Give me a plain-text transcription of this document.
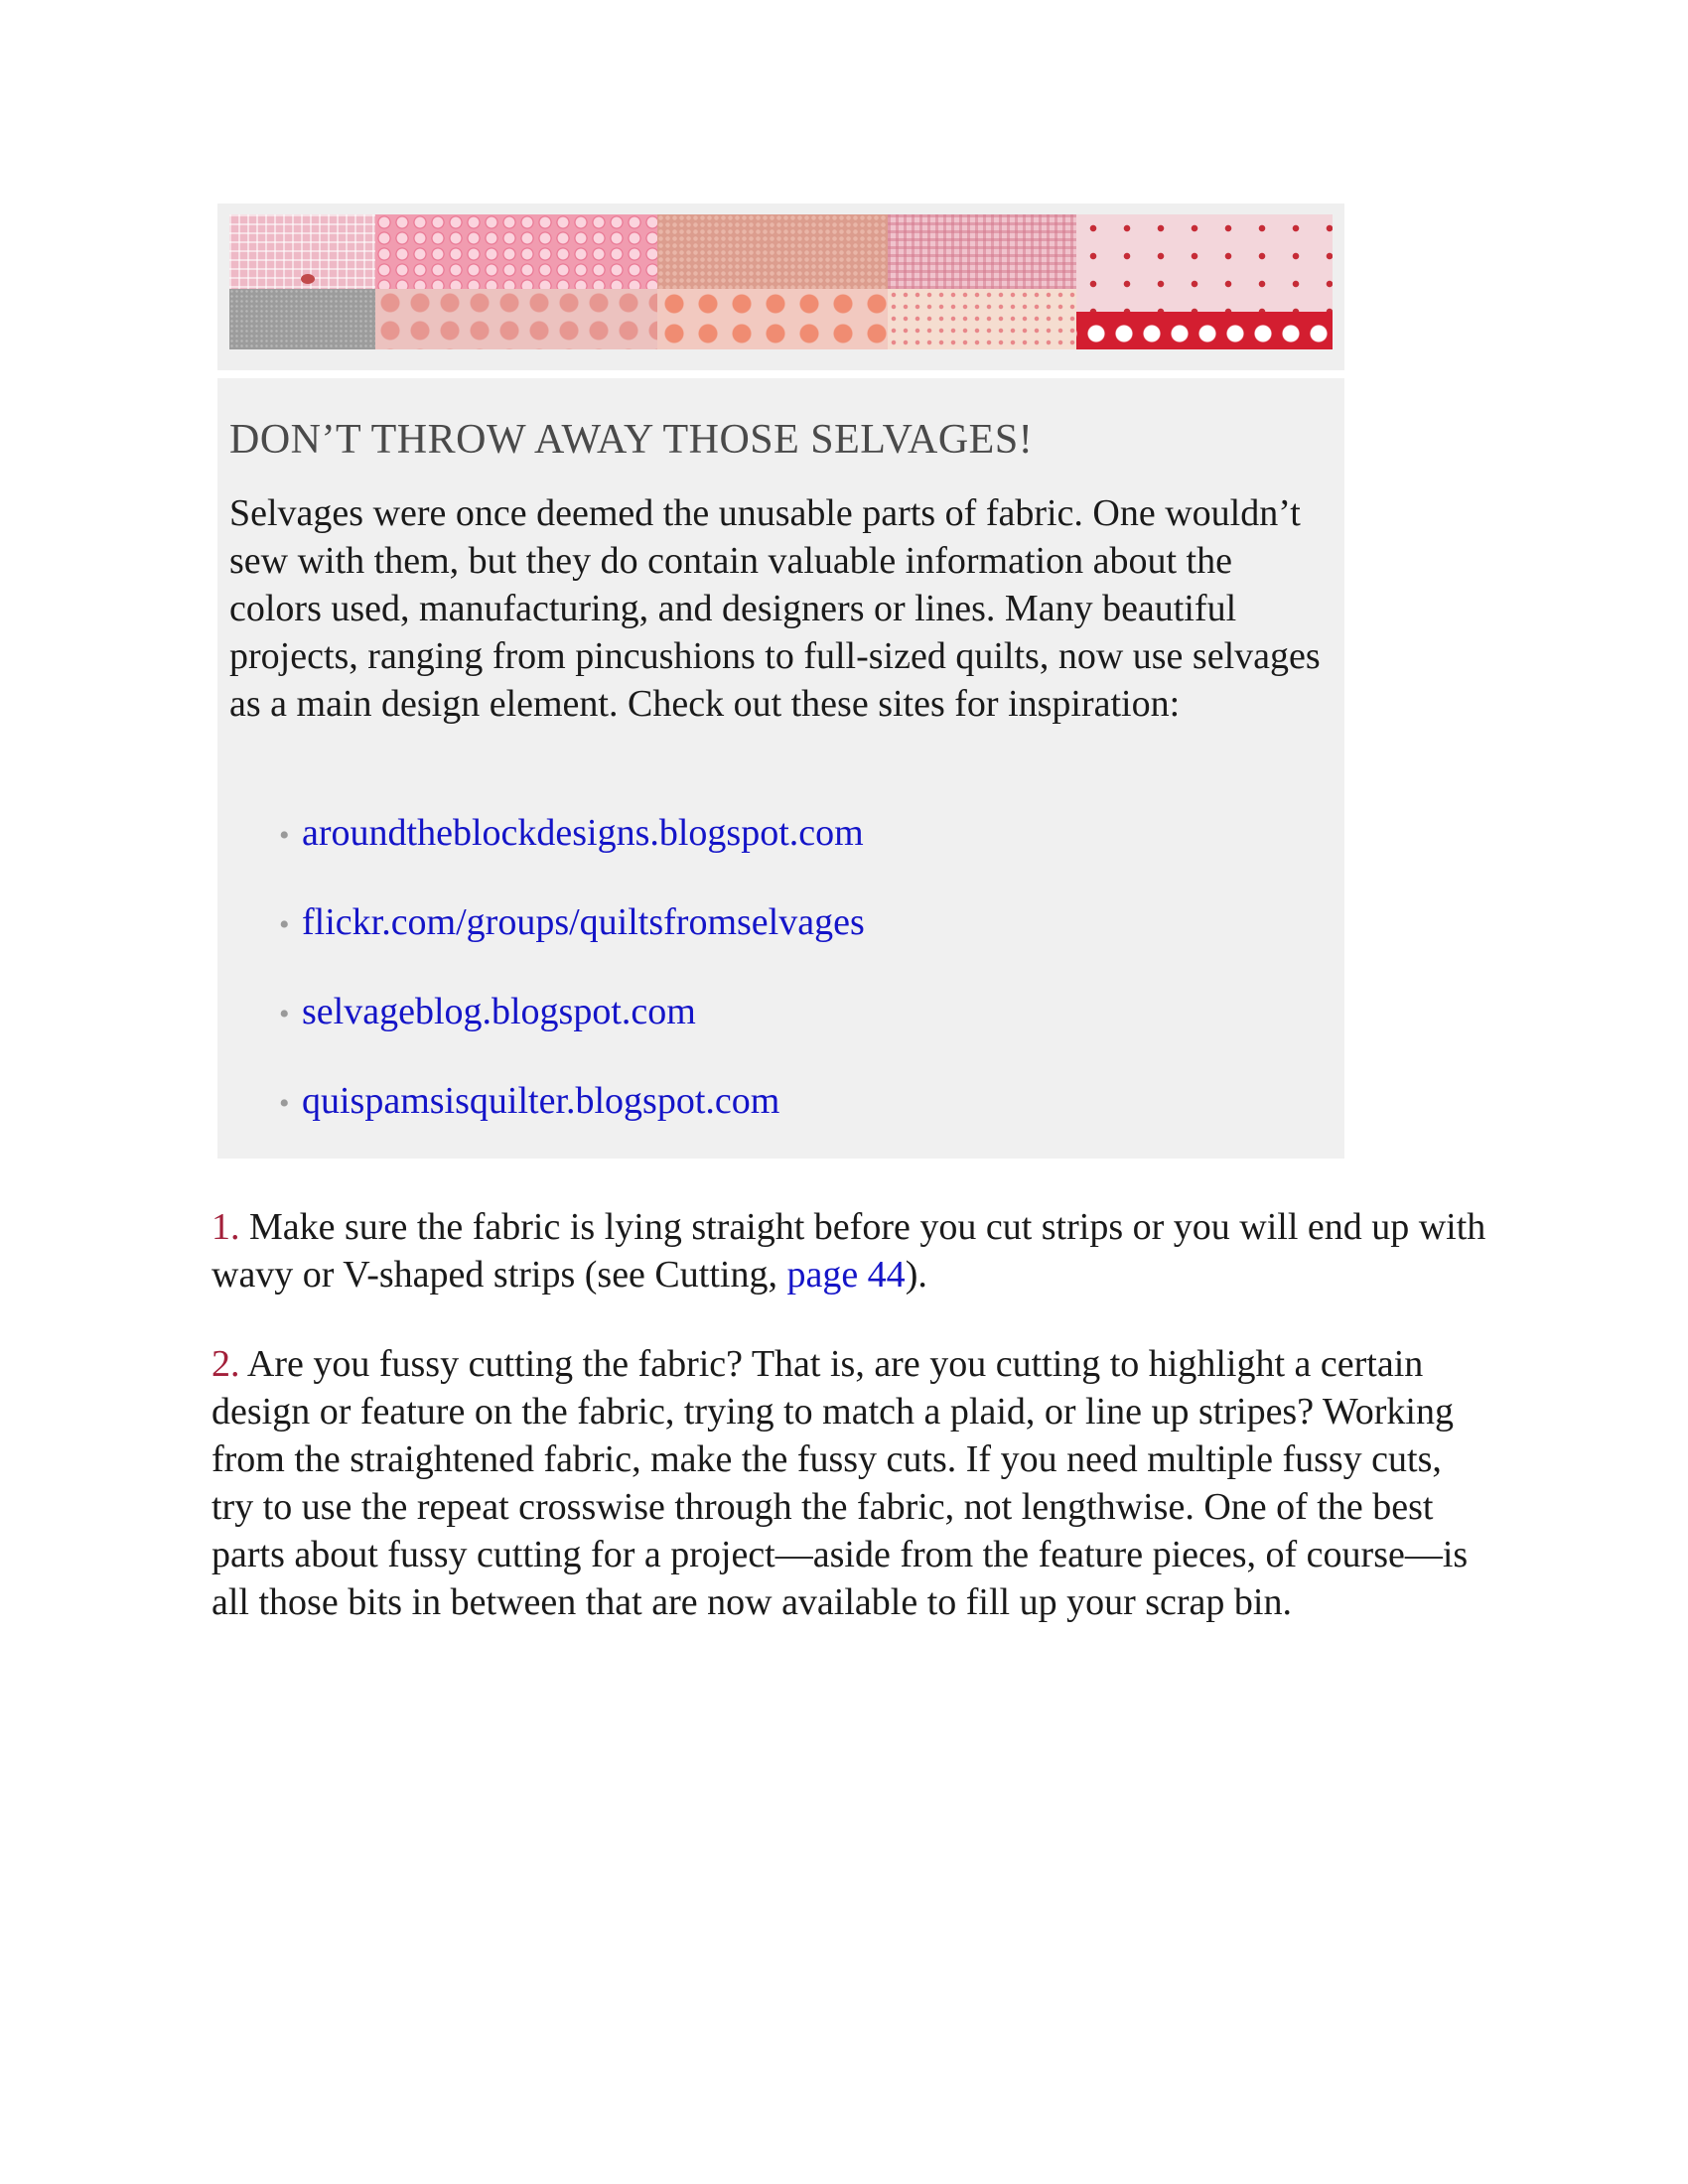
DON’T THROW AWAY THOSE SELVAGES!

Selvages were once deemed the unusable parts of fabric. One wouldn’t sew with them, but they do contain valuable information about the colors used, manufacturing, and designers or lines. Many beautiful projects, ranging from pincushions to full-sized quilts, now use selvages as a main design element. Check out these sites for inspiration:

• aroundtheblockdesigns.blogspot.com
• flickr.com/groups/quiltsfromselvages
• selvageblog.blogspot.com
• quispamsisquilter.blogspot.com

1. Make sure the fabric is lying straight before you cut strips or you will end up with wavy or V-shaped strips (see Cutting, page 44).

2. Are you fussy cutting the fabric? That is, are you cutting to highlight a certain design or feature on the fabric, trying to match a plaid, or line up stripes? Working from the straightened fabric, make the fussy cuts. If you need multiple fussy cuts, try to use the repeat crosswise through the fabric, not lengthwise. One of the best parts about fussy cutting for a project—aside from the feature pieces, of course—is all those bits in between that are now available to fill up your scrap bin.
